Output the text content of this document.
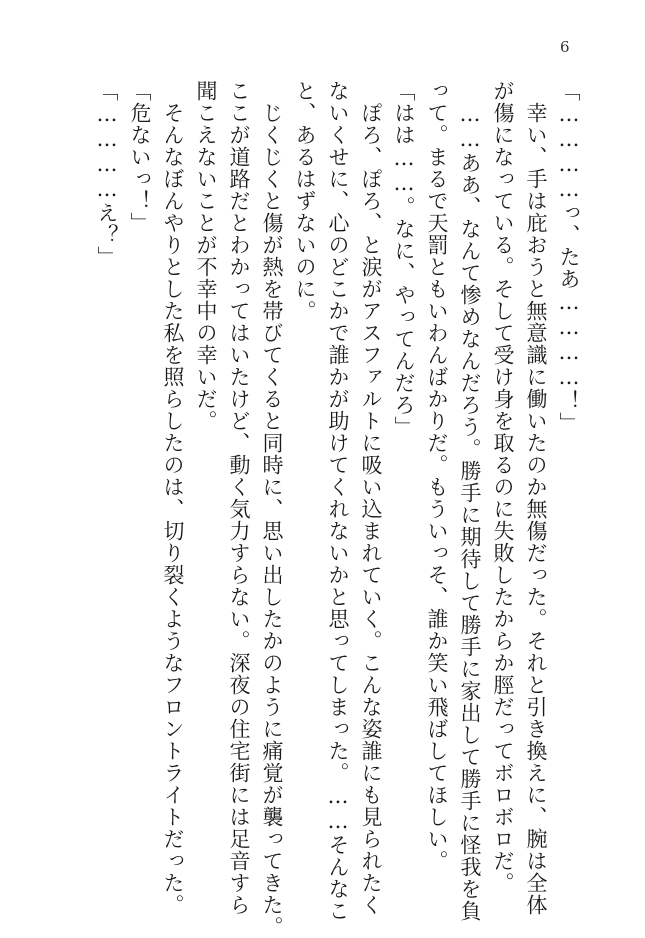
6
「…………っ、たあ…………！」
　幸い、手は庇おうと無意識に働いたのか無傷だった。それと引き換えに、腕は全体
が傷になっている。そして受け身を取るのに失敗したからか脛だってボロボロだ。
　……ああ、なんて惨めなんだろう。勝手に期待して勝手に家出して勝手に怪我を負
って。まるで天罰ともいわんばかりだ。もういっそ、誰か笑い飛ばしてほしい。
「はは……。なに、やってんだろ」
　ぽろ、ぽろ、と涙がアスファルトに吸い込まれていく。こんな姿誰にも見られたく
ないくせに、心のどこかで誰かが助けてくれないかと思ってしまった。……そんなこ
と、あるはずないのに。
　じくじくと傷が熱を帯びてくると同時に、思い出したかのように痛覚が襲ってきた。
ここが道路だとわかってはいたけど、動く気力すらない。深夜の住宅街には足音すら
聞こえないことが不幸中の幸いだ。
　そんなぼんやりとした私を照らしたのは、切り裂くようなフロントライトだった。
「危ないっ！」
「…………え？」
